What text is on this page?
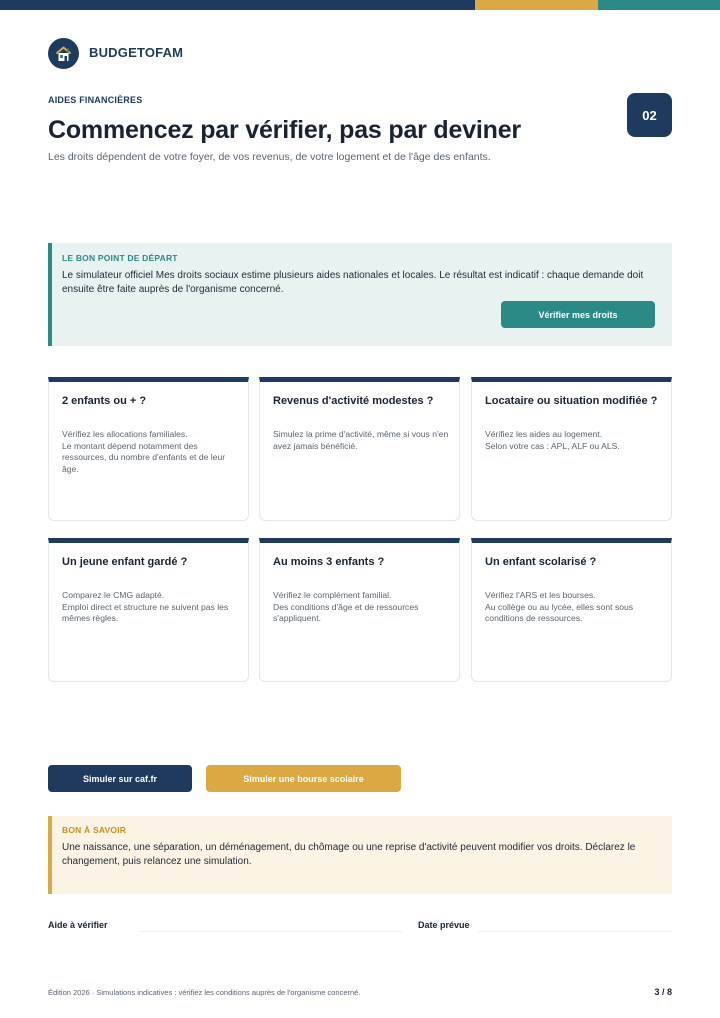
BUDGETOFAM
AIDES FINANCIÈRES
02
Commencez par vérifier, pas par deviner

Les droits dépendent de votre foyer, de vos revenus, de votre logement et de l'âge des enfants.

LE BON POINT DE DÉPART
Le simulateur officiel Mes droits sociaux estime plusieurs aides nationales et locales. Le résultat est indicatif : chaque demande doit ensuite être faite auprès de l'organisme concerné.
Vérifier mes droits
2 enfants ou + ?
Vérifiez les allocations familiales.
Le montant dépend notamment des ressources, du nombre d'enfants et de leur âge.
Revenus d'activité modestes ?
Simulez la prime d'activité, même si vous n'en avez jamais bénéficié.
Locataire ou situation modifiée ?
Vérifiez les aides au logement.
Selon votre cas : APL, ALF ou ALS.
Un jeune enfant gardé ?
Comparez le CMG adapté.
Emploi direct et structure ne suivent pas les mêmes règles.
Au moins 3 enfants ?
Vérifiez le complément familial.
Des conditions d'âge et de ressources s'appliquent.
Un enfant scolarisé ?
Vérifiez l'ARS et les bourses.
Au collège ou au lycée, elles sont sous conditions de ressources.
Simuler sur caf.fr	Simuler une bourse scolaire
BON À SAVOIR
Une naissance, une séparation, un déménagement, du chômage ou une reprise d'activité peuvent modifier vos droits. Déclarez le changement, puis relancez une simulation.
Aide à vérifier	Date prévue
Édition 2026 · Simulations indicatives : vérifiez les conditions auprès de l'organisme concerné.	3 / 8
